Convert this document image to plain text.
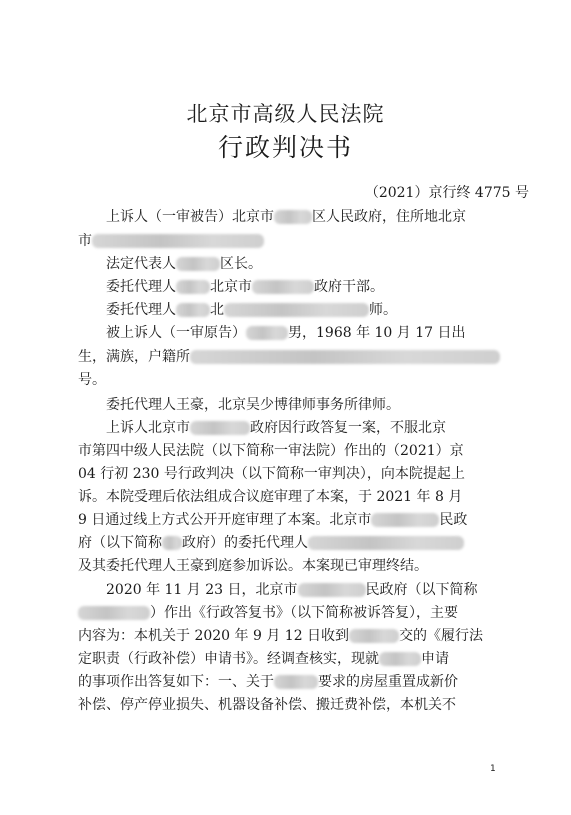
北京市高级人民法院
行政判决书
（2021）京行终 4775 号
上诉人（一审被告）北京市	区人民政府，住所地北京
市
法定代表人	区长。
委托代理人 北京市	政府干部。
委托代理人 北	师。
被上诉人（一审原告）	男，1968 年 10 月 17 日出
生，满族，户籍所
号。
委托代理人王豪，北京吴少博律师事务所律师。
上诉人北京市	政府因行政答复一案，不服北京
市第四中级人民法院（以下简称一审法院）作出的（2021）京
04 行初 230 号行政判决（以下简称一审判决），向本院提起上
诉。本院受理后依法组成合议庭审理了本案，于 2021 年 8 月
9 日通过线上方式公开开庭审理了本案。北京市	民政
府（以下简称 政府）的委托代理人
及其委托代理人王豪到庭参加诉讼。本案现已审理终结。
2020 年 11 月 23 日，北京市	民政府（以下简称
）作出《行政答复书》（以下简称被诉答复），主要
内容为：本机关于 2020 年 9 月 12 日收到	交的《履行法
定职责（行政补偿）申请书》。经调查核实，现就	申请
的事项作出答复如下：一、关于	要求的房屋重置成新价
补偿、停产停业损失、机器设备补偿、搬迁费补偿，本机关不
1
